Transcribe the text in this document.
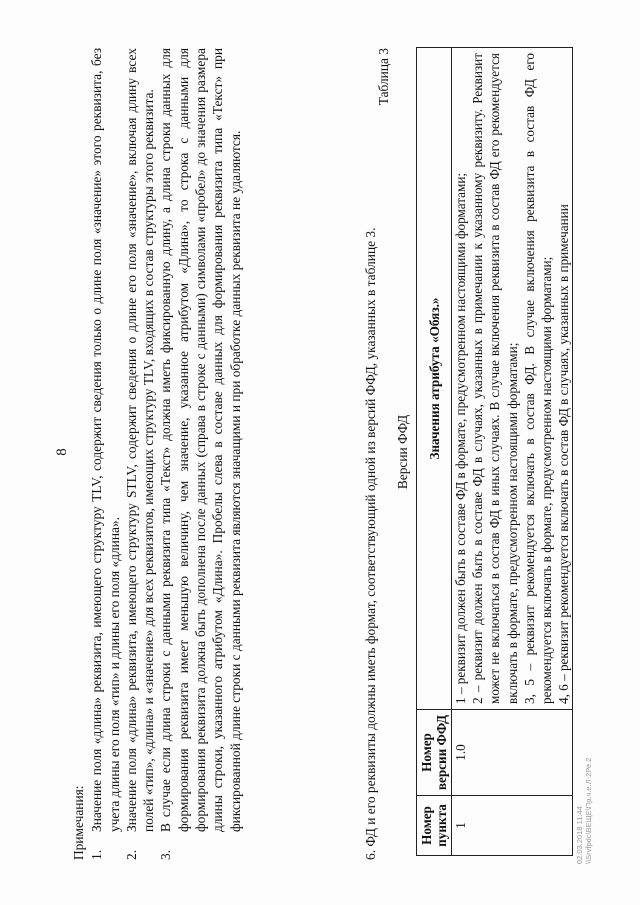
8

Примечания: 1.
Значение поля «длина» реквизита, имеющего структуру TLV, содержит сведения только о длине поля «значение» этого реквизита, без учета длины его поля «тип» и длины его поля «длина».

2.
Значение поля «длина» реквизита, имеющего структуру STLV, содержит сведения о длине его поля «значение», включая длину всех полей «тип», «длина» и «значение» для всех реквизитов, имеющих структуру TLV, входящих в состав структуры этого реквизита.

3.
В случае если длина строки с данными реквизита типа «Текст» должна иметь фиксированную длину, а длина строки данных для формирования реквизита имеет меньшую величину, чем значение, указанное атрибутом «Длина», то строка с данными для формирования реквизита должна быть дополнена после данных (справа в строке с данными) символами «пробел» до значения размера длины строки, указанного атрибутом «Длина». Пробелы слева в составе данных для формирования реквизита типа «Текст» при фиксированной длине строки с данными реквизита являются значащими и при обработке данных реквизита не удаляются.	6. ФД и его реквизиты должны иметь формат, соответствующий одной из версий ФФД, указанных в таблице 3.
Таблица 3
Версии ФФД
Номер пункта	Номер версии ФФД	Значения атрибута «Обяз.»
1	1.0	1 – реквизит должен быть в составе ФД в формате, предусмотренном настоящими форматами; 2 – реквизит должен быть в составе ФД в случаях, указанных в примечании к указанному реквизиту. Реквизит может не включаться в состав ФД в иных случаях. В случае включения реквизита в состав ФД его рекомендуется включать в формате, предусмотренном настоящими форматами; 3, 5 – реквизит рекомендуется включать в состав ФД. В случае включения реквизита в состав ФД его рекомендуется включать в формате, предусмотренном настоящими форматами; 4, 6 – реквизит рекомендуется включать в состав ФД в случаях, указанных в примечании

02.03.2018 11:44 \\Srvfpdc\ВЕЩЕ\Пр.ч.е.Л-2Ре.2
